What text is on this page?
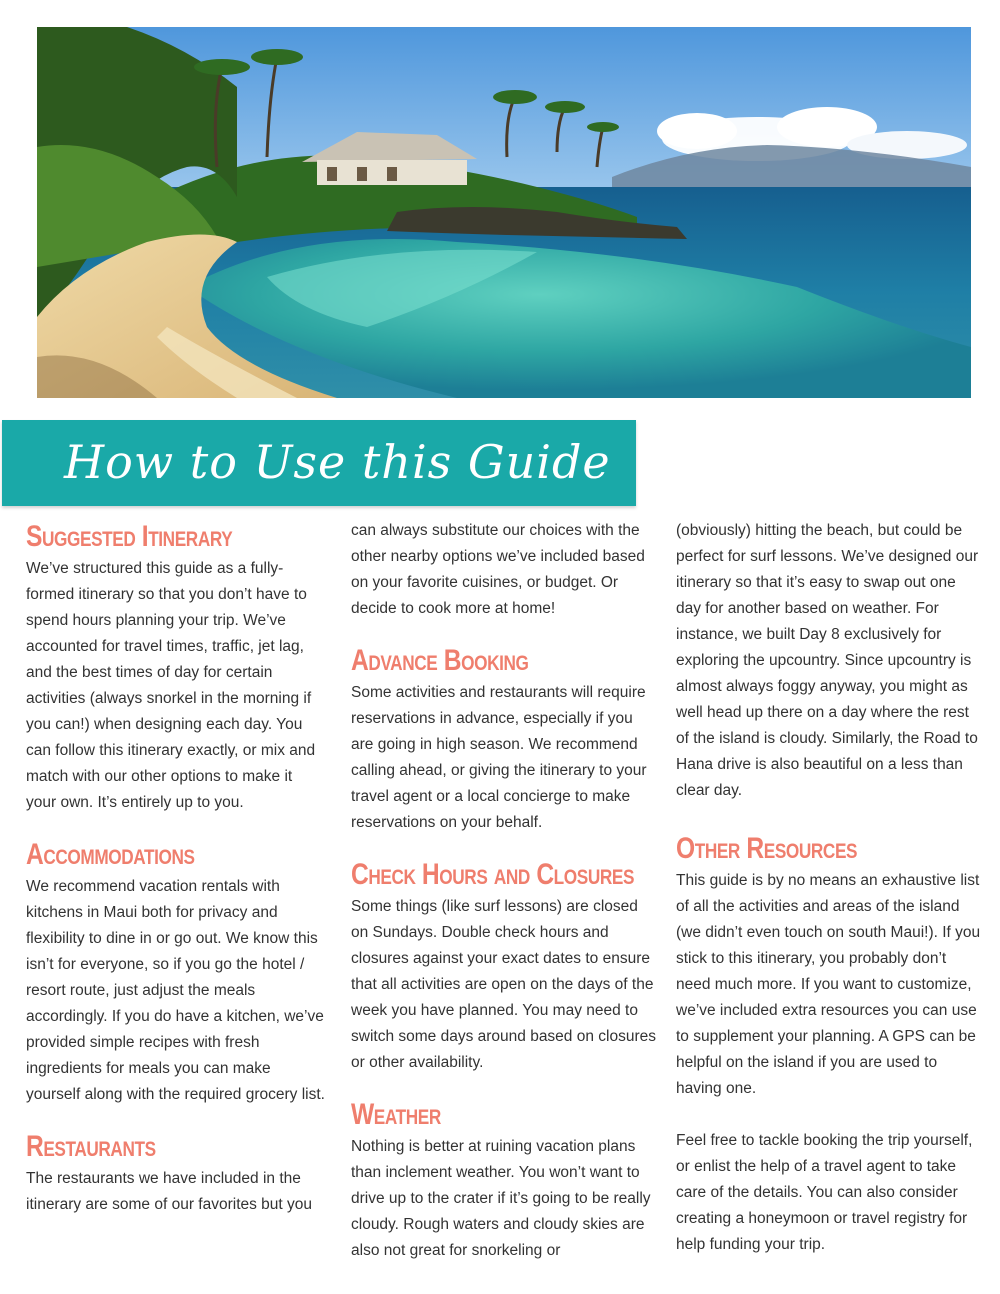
How to Use this Guide
Suggested Itinerary

We’ve structured this guide as a fully-formed itinerary so that you don’t have to spend hours planning your trip. We’ve accounted for travel times, traffic, jet lag, and the best times of day for certain activities (always snorkel in the morning if you can!) when designing each day. You can follow this itinerary exactly, or mix and match with our other options to make it your own. It’s entirely up to you.

Accommodations

We recommend vacation rentals with kitchens in Maui both for privacy and flexibility to dine in or go out. We know this isn’t for everyone, so if you go the hotel / resort route, just adjust the meals accordingly. If you do have a kitchen, we’ve provided simple recipes with fresh ingredients for meals you can make yourself along with the required grocery list.

Restaurants

The restaurants we have included in the itinerary are some of our favorites but you

can always substitute our choices with the other nearby options we’ve included based on your favorite cuisines, or budget. Or decide to cook more at home!

Advance Booking

Some activities and restaurants will require reservations in advance, especially if you are going in high season. We recommend calling ahead, or giving the itinerary to your travel agent or a local concierge to make reservations on your behalf.

Check Hours and Closures

Some things (like surf lessons) are closed on Sundays. Double check hours and closures against your exact dates to ensure that all activities are open on the days of the week you have planned. You may need to switch some days around based on closures or other availability.

Weather

Nothing is better at ruining vacation plans than inclement weather. You won’t want to drive up to the crater if it’s going to be really cloudy. Rough waters and cloudy skies are also not great for snorkeling or

(obviously) hitting the beach, but could be perfect for surf lessons. We’ve designed our itinerary so that it’s easy to swap out one day for another based on weather. For instance, we built Day 8 exclusively for exploring the upcountry. Since upcountry is almost always foggy anyway, you might as well head up there on a day where the rest of the island is cloudy. Similarly, the Road to Hana drive is also beautiful on a less than clear day.

Other Resources

This guide is by no means an exhaustive list of all the activities and areas of the island (we didn’t even touch on south Maui!). If you stick to this itinerary, you probably don’t need much more. If you want to customize, we’ve included extra resources you can use to supplement your planning. A GPS can be helpful on the island if you are used to having one.

Feel free to tackle booking the trip yourself, or enlist the help of a travel agent to take care of the details. You can also consider creating a honeymoon or travel registry for help funding your trip.
